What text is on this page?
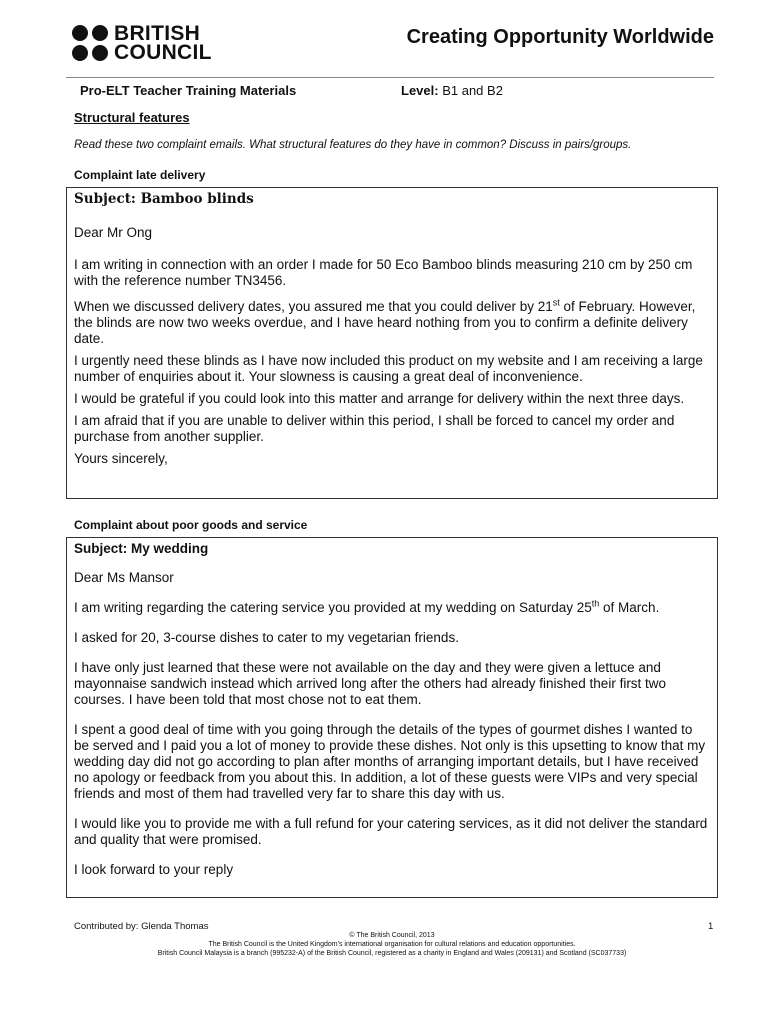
BRITISH
COUNCIL
Creating Opportunity Worldwide
Pro-ELT Teacher Training Materials	Level: B1 and B2
Structural features
Read these two complaint emails. What structural features do they have in common? Discuss in pairs/groups.
Complaint late delivery

Subject: Bamboo blinds

Dear Mr Ong

I am writing in connection with an order I made for 50 Eco Bamboo blinds measuring 210 cm by 250 cm with the reference number TN3456.

When we discussed delivery dates, you assured me that you could deliver by 21st of February. However, the blinds are now two weeks overdue, and I have heard nothing from you to confirm a definite delivery date.

I urgently need these blinds as I have now included this product on my website and I am receiving a large number of enquiries about it. Your slowness is causing a great deal of inconvenience.

I would be grateful if you could look into this matter and arrange for delivery within the next three days.

I am afraid that if you are unable to deliver within this period, I shall be forced to cancel my order and purchase from another supplier.

Yours sincerely,

Complaint about poor goods and service

Subject: My wedding

Dear Ms Mansor

I am writing regarding the catering service you provided at my wedding on Saturday 25th of March.

I asked for 20, 3-course dishes to cater to my vegetarian friends.

I have only just learned that these were not available on the day and they were given a lettuce and mayonnaise sandwich instead which arrived long after the others had already finished their first two courses. I have been told that most chose not to eat them.

I spent a good deal of time with you going through the details of the types of gourmet dishes I wanted to be served and I paid you a lot of money to provide these dishes. Not only is this upsetting to know that my wedding day did not go according to plan after months of arranging important details, but I have received no apology or feedback from you about this. In addition, a lot of these guests were VIPs and very special friends and most of them had travelled very far to share this day with us.

I would like you to provide me with a full refund for your catering services, as it did not deliver the standard and quality that were promised.

I look forward to your reply

Contributed by: Glenda Thomas	1
© The British Council, 2013
The British Council is the United Kingdom's international organisation for cultural relations and education opportunities.
British Council Malaysia is a branch (995232-A) of the British Council, registered as a charity in England and Wales (209131) and Scotland (SC037733)
